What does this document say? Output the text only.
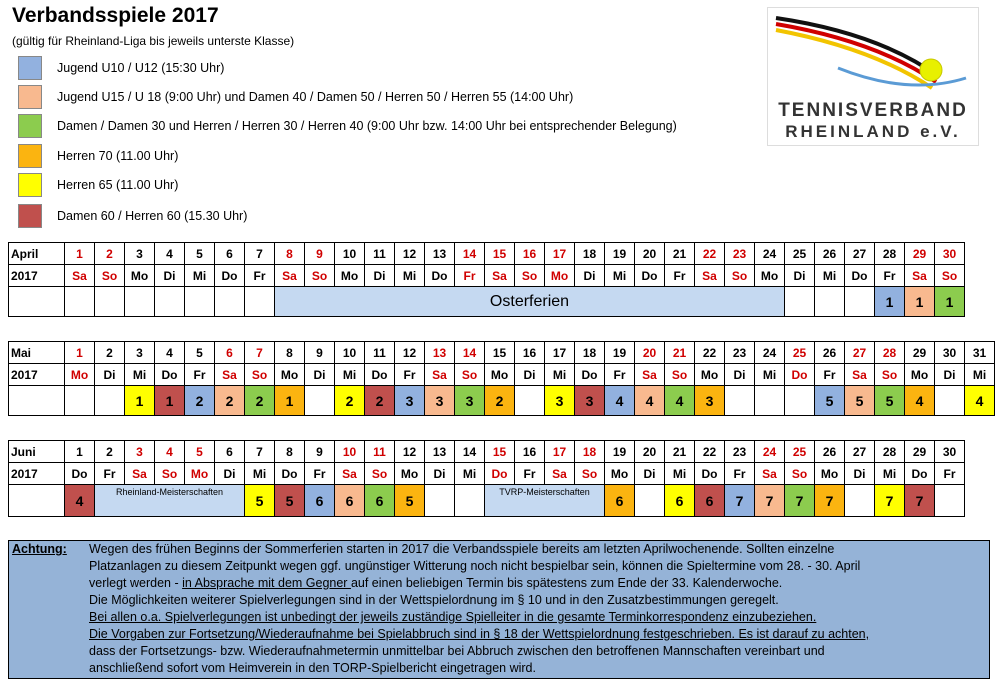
Verbandsspiele 2017
(gültig für Rheinland-Liga bis jeweils unterste Klasse)
Jugend U10 / U12 (15:30 Uhr)
Jugend U15 / U 18 (9:00 Uhr) und Damen 40 / Damen 50 / Herren 50 / Herren 55 (14:00 Uhr)
Damen / Damen 30 und Herren / Herren 30 / Herren 40 (9:00 Uhr bzw. 14:00 Uhr bei entsprechender Belegung)
Herren 70 (11.00 Uhr)
Herren 65 (11.00 Uhr)
Damen 60 / Herren 60 (15.30 Uhr)
TENNISVERBAND
RHEINLAND e.V.
April	1	2	3	4	5	6	7	8	9	10	11	12	13	14	15	16	17	18	19	20	21	22	23	24	25	26	27	28	29	30
2017	Sa	So	Mo	Di	Mi	Do	Fr	Sa	So	Mo	Di	Mi	Do	Fr	Sa	So	Mo	Di	Mi	Do	Fr	Sa	So	Mo	Di	Mi	Do	Fr	Sa	So
								Osterferien																				1	1	1
Mai	1	2	3	4	5	6	7	8	9	10	11	12	13	14	15	16	17	18	19	20	21	22	23	24	25	26	27	28	29	30	31
2017	Mo	Di	Mi	Do	Fr	Sa	So	Mo	Di	Mi	Do	Fr	Sa	So	Mo	Di	Mi	Do	Fr	Sa	So	Mo	Di	Mi	Do	Fr	Sa	So	Mo	Di	Mi
			1	1	2	2	2	1		2	2	3	3	3	2		3	3	4	4	4	3				5	5	5	4		4
Juni	1	2	3	4	5	6	7	8	9	10	11	12	13	14	15	16	17	18	19	20	21	22	23	24	25	26	27	28	29	30
2017	Do	Fr	Sa	So	Mo	Di	Mi	Do	Fr	Sa	So	Mo	Di	Mi	Do	Fr	Sa	So	Mo	Di	Mi	Do	Fr	Sa	So	Mo	Di	Mi	Do	Fr
	4	Rheinland-Meisterschaften					5	5	6	6	6	5			TVRP-Meisterschaften				6		6	6	7	7	7	7		7	7	
Achtung: Wegen des frühen Beginns der Sommerferien starten in 2017 die Verbandsspiele bereits am letzten Aprilwochenende. Sollten einzelne
Platzanlagen zu diesem Zeitpunkt wegen ggf. ungünstiger Witterung noch nicht bespielbar sein, können die Spieltermine vom 28. - 30. April
verlegt werden - in Absprache mit dem Gegner auf einen beliebigen Termin bis spätestens zum Ende der 33. Kalenderwoche.
Die Möglichkeiten weiterer Spielverlegungen sind in der Wettspielordnung im § 10 und in den Zusatzbestimmungen geregelt.
Bei allen o.a. Spielverlegungen ist unbedingt der jeweils zuständige Spielleiter in die gesamte Terminkorrespondenz einzubeziehen.
Die Vorgaben zur Fortsetzung/Wiederaufnahme bei Spielabbruch sind in § 18 der Wettspielordnung festgeschrieben. Es ist darauf zu achten,
dass der Fortsetzungs- bzw. Wiederaufnahmetermin unmittelbar bei Abbruch zwischen den betroffenen Mannschaften vereinbart und
anschließend sofort vom Heimverein in den TORP-Spielbericht eingetragen wird.
